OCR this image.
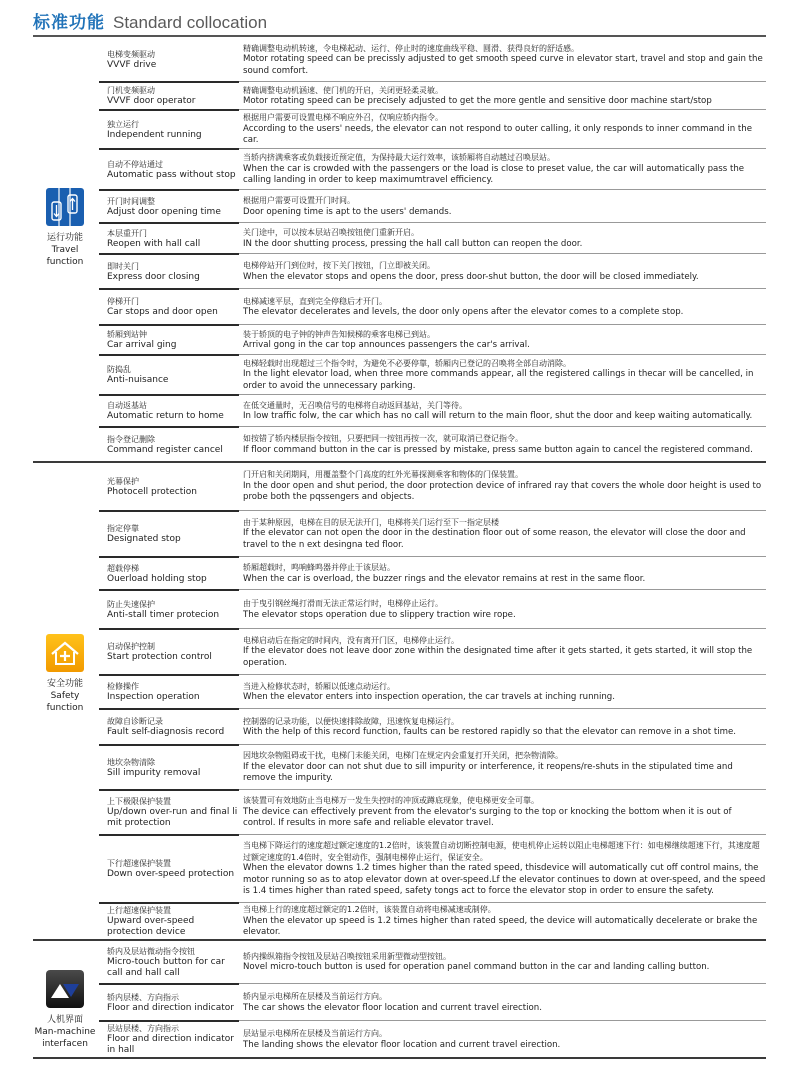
标准功能 Standard collocation
运行功能
Travel
function
电梯变频驱动
VVVF drive
精确调整电动机转速，令电梯起动、运行、停止时的速度曲线平稳、圆滑、获得良好的舒适感。
Motor rotating speed can be precissly adjusted to get smooth speed curve in elevator start, travel and stop and gain the sound comfort.
门机变频驱动
VVVF door operator
精确调整电动机涵速、使门机的开启，关闭更轻柔灵敏。
Motor rotating speed can be precisely adjusted to get the more gentle and sensitive door machine start/stop
独立运行
Independent running
根据用户需要可设置电梯不响应外召，仅响应轿内指令。
According to the users' needs, the elevator can not respond to outer calling, it only responds to inner command in the car.
自动不停站通过
Automatic pass without stop
当轿内挤满乘客或负载接近预定值，为保持最大运行效率，该轿厢将自动越过召唤层站。
When the car is crowded with the passengers or the load is close to preset value, the car will automatically pass the calling landing in order to keep maximumtravel efficiency.
开门时间调整
Adjust door opening time
根据用户需要可设置开门时间。
Door opening time is apt to the users' demands.
本层重开门
Reopen with hall call
关门途中，可以按本层站召唤按钮使门重新开启。
IN the door shutting process, pressing the hall call button can reopen the door.
即时关门
Express door closing
电梯停站开门到位时，按下关门按钮，门立即被关闭。
When the elevator stops and opens the door, press door-shut button, the door will be closed immediately.
停梯开门
Car stops and door open
电梯减速平层，直到完全停稳后才开门。
The elevator decelerates and levels, the door only opens after the elevator comes to a complete stop.
轿厢到站钟
Car arrival ging
装于轿顶的电子钟的钟声告知候梯的乘客电梯已到站。
Arrival gong in the car top announces passengers the car's arrival.
防捣乱
Anti-nuisance
电梯轻载时出现超过三个指令时，为避免不必要停靠，轿厢内已登记的召唤将全部自动消除。
In the light elevator load, when three more commands appear, all the registered callings in thecar will be cancelled, in order to avoid the unnecessary parking.
自动返基站
Automatic return to home
在低交通量时，无召唤信号的电梯将自动返回基站，关门等待。
In low traffic folw, the car which has no call will return to the main floor, shut the door and keep waiting automatically.
指令登记删除
Command register cancel
如按错了轿内楼层指令按钮，只要把同一按钮再按一次，就可取消已登记指令。
If floor command button in the car is pressed by mistake, press same button again to cancel the registered command.
安全功能
Safety
function
光幕保护
Photocell protection
门开启和关闭期间，用覆盖整个门高度的红外光幕探测乘客和物体的门保装置。
In the door open and shut period, the door protection device of infrared ray that covers the whole door height is used to probe both the pqssengers and objects.
指定停靠
Designated stop
由于某种原因，电梯在目的层无法开门，电梯将关门运行至下一指定层楼
If the elevator can not open the door in the destination floor out of some reason, the elevator will close the door and travel to the n ext desingna ted floor.
超载停梯
Ouerload holding stop
轿厢超载时，鸣响蜂鸣器并停止于该层站。
When the car is overload, the buzzer rings and the elevator remains at rest in the same floor.
防止失速保护
Anti-stall timer protecion
由于曳引钢丝绳打滑而无法正常运行时，电梯停止运行。
The elevator stops operation due to slippery traction wire rope.
启动保护控制
Start protection control
电梯启动后在指定的时间内，没有离开门区，电梯停止运行。
If the elevator does not leave door zone within the designated time after it gets started, it gets started, it will stop the operation.
检修操作
Inspection operation
当进入检修状态时，轿厢以低速点动运行。
When the elevator enters into inspection operation, the car travels at inching running.
故障自诊断记录
Fault self-diagnosis record
控制器的记录功能，以便快速排除故障，迅速恢复电梯运行。
With the help of this record function, faults can be restored rapidly so that the elevator can remove in a shot time.
地坎杂物清除
Sill impurity removal
因地坎杂物阻碍或干扰，电梯门未能关闭，电梯门在规定内会重复打开关闭，把杂物清除。
If the elevator door can not shut due to sill impurity or interference, it reopens/re-shuts in the stipulated time and remove the impurity.
上下极限保护装置
Up/down over-run and final li mit protection
该装置可有效地防止当电梯万一发生失控时的冲顶或蹲底现象，使电梯更安全可靠。
The device can effectively prevent from the elevator's surging to the top or knocking the bottom when it is out of control. If results in more safe and reliable elevator travel.
下行超速保护装置
Down over-speed protection
当电梯下降运行的速度超过额定速度的1.2倍时，该装置自动切断控制电源，使电机停止运转以阻止电梯超速下行：如电梯继续超速下行，其速度超过额定速度的1.4倍时，安全钳动作，强制电梯停止运行，保证安全。
When the elevator downs 1.2 times higher than the rated speed, thisdevice will automatically cut off control mains, the motor running so as to atop elevator down at over-speed.Lf the elevator continues to down at over-speed, and the speed is 1.4 times higher than rated speed, safety tongs act to force the elevator stop in order to ensure the safety.
上行超速保护装置
Upward over-speed protection device
当电梯上行的速度超过额定的1.2倍时，该装置自动将电梯减速或制停。
When the elevator up speed is 1.2 times higher than rated speed, the device will automatically decelerate or brake the elevator.
人机界面
Man-machine
interfacen
轿内及层站微动指令按钮
Micro-touch button for car call and hall call
轿内操纵箱指令按钮及层站召唤按钮采用新型微动型按钮。
Novel micro-touch button is used for operation panel command button in the car and landing calling button.
轿内层楼、方向指示
Floor and direction indicator
轿内显示电梯所在层楼及当前运行方向。
The car shows the elevator floor location and current travel eirection.
层站层楼、方向指示
Floor and direction indicator in hall
层站显示电梯所在层楼及当前运行方向。
The landing shows the elevator floor location and current travel eirection.
